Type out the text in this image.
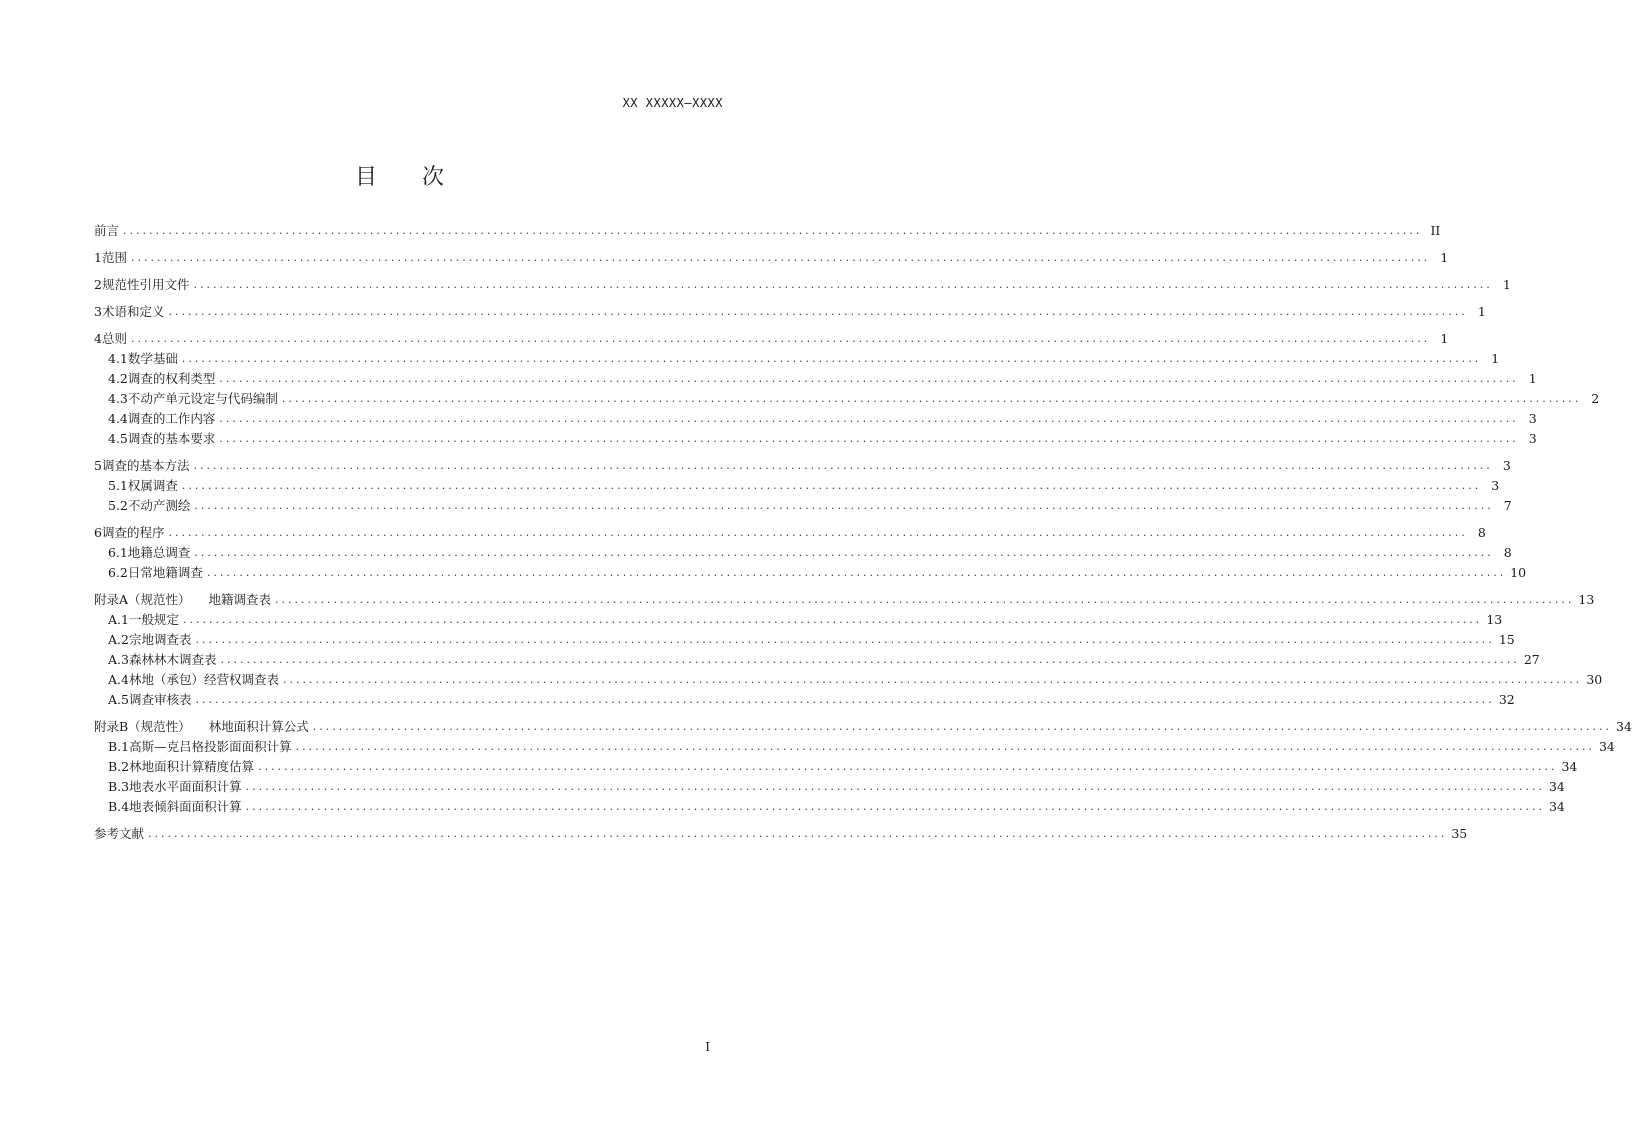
XX XXXXX—XXXX
目 次
前言 ........................................................................................................................................................................................................ II
1 范围 ........................................................................................................................................................................................................ 1
2 规范性引用文件 ........................................................................................................................................................................................................ 1
3 术语和定义 ........................................................................................................................................................................................................ 1
4 总则 ........................................................................................................................................................................................................ 1
4.1 数学基础 ........................................................................................................................................................................................................ 1
4.2 调查的权利类型 ........................................................................................................................................................................................................ 1
4.3 不动产单元设定与代码编制 ........................................................................................................................................................................................................ 2
4.4 调查的工作内容 ........................................................................................................................................................................................................ 3
4.5 调查的基本要求 ........................................................................................................................................................................................................ 3
5 调查的基本方法 ........................................................................................................................................................................................................ 3
5.1 权属调查 ........................................................................................................................................................................................................ 3
5.2 不动产测绘 ........................................................................................................................................................................................................ 7
6 调查的程序 ........................................................................................................................................................................................................ 8
6.1 地籍总调查 ........................................................................................................................................................................................................ 8
6.2 日常地籍调查 ........................................................................................................................................................................................................ 10
附录A（规范性） 地籍调查表 ........................................................................................................................................................................................................ 13
A.1 一般规定 ........................................................................................................................................................................................................ 13
A.2 宗地调查表 ........................................................................................................................................................................................................ 15
A.3 森林林木调查表 ........................................................................................................................................................................................................ 27
A.4 林地（承包）经营权调查表 ........................................................................................................................................................................................................ 30
A.5 调查审核表 ........................................................................................................................................................................................................ 32
附录B（规范性） 林地面积计算公式 ........................................................................................................................................................................................................ 34
B.1 高斯—克吕格投影面面积计算 ........................................................................................................................................................................................................ 34
B.2 林地面积计算精度估算 ........................................................................................................................................................................................................ 34
B.3 地表水平面面积计算 ........................................................................................................................................................................................................ 34
B.4 地表倾斜面面积计算 ........................................................................................................................................................................................................ 34
参考文献 ........................................................................................................................................................................................................ 35
I
